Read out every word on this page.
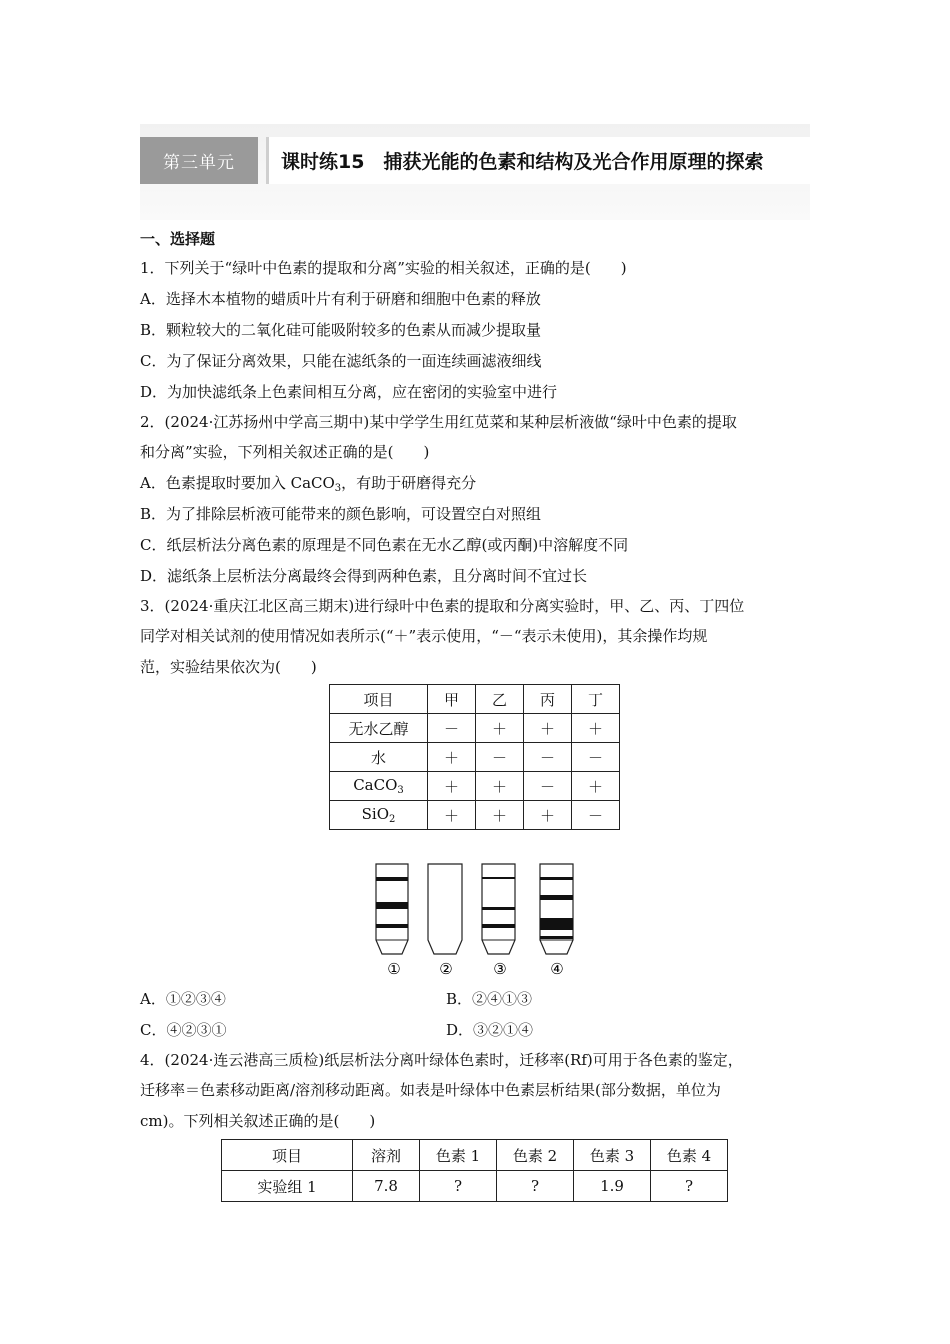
第三单元	课时练15　捕获光能的色素和结构及光合作用原理的探索
一、选择题
1．下列关于“绿叶中色素的提取和分离”实验的相关叙述，正确的是(　　)
A．选择木本植物的蜡质叶片有利于研磨和细胞中色素的释放
B．颗粒较大的二氧化硅可能吸附较多的色素从而减少提取量
C．为了保证分离效果，只能在滤纸条的一面连续画滤液细线
D．为加快滤纸条上色素间相互分离，应在密闭的实验室中进行
2．(2024·江苏扬州中学高三期中)某中学学生用红苋菜和某种层析液做“绿叶中色素的提取
和分离”实验，下列相关叙述正确的是(　　)
A．色素提取时要加入 CaCO$_3$，有助于研磨得充分
B．为了排除层析液可能带来的颜色影响，可设置空白对照组
C．纸层析法分离色素的原理是不同色素在无水乙醇(或丙酮)中溶解度不同
D．滤纸条上层析法分离最终会得到两种色素，且分离时间不宜过长
3．(2024·重庆江北区高三期末)进行绿叶中色素的提取和分离实验时，甲、乙、丙、丁四位
同学对相关试剂的使用情况如表所示(“＋”表示使用，“－“表示未使用)，其余操作均规
范，实验结果依次为(　　)
项目	甲	乙	丙	丁
无水乙醇	－	＋	＋	＋
水	＋	－	－	－
CaCO$_3$	＋	＋	－	＋
SiO$_2$	＋	＋	＋	－
①	②	③	④
A．①②③④	B．②④①③
C．④②③①	D．③②①④
4．(2024·连云港高三质检)纸层析法分离叶绿体色素时，迁移率(Rf)可用于各色素的鉴定，
迁移率＝色素移动距离/溶剂移动距离。如表是叶绿体中色素层析结果(部分数据，单位为
cm)。下列相关叙述正确的是(　　)
项目	溶剂	色素 1	色素 2	色素 3	色素 4
实验组 1	7.8	?	?	1.9	?
